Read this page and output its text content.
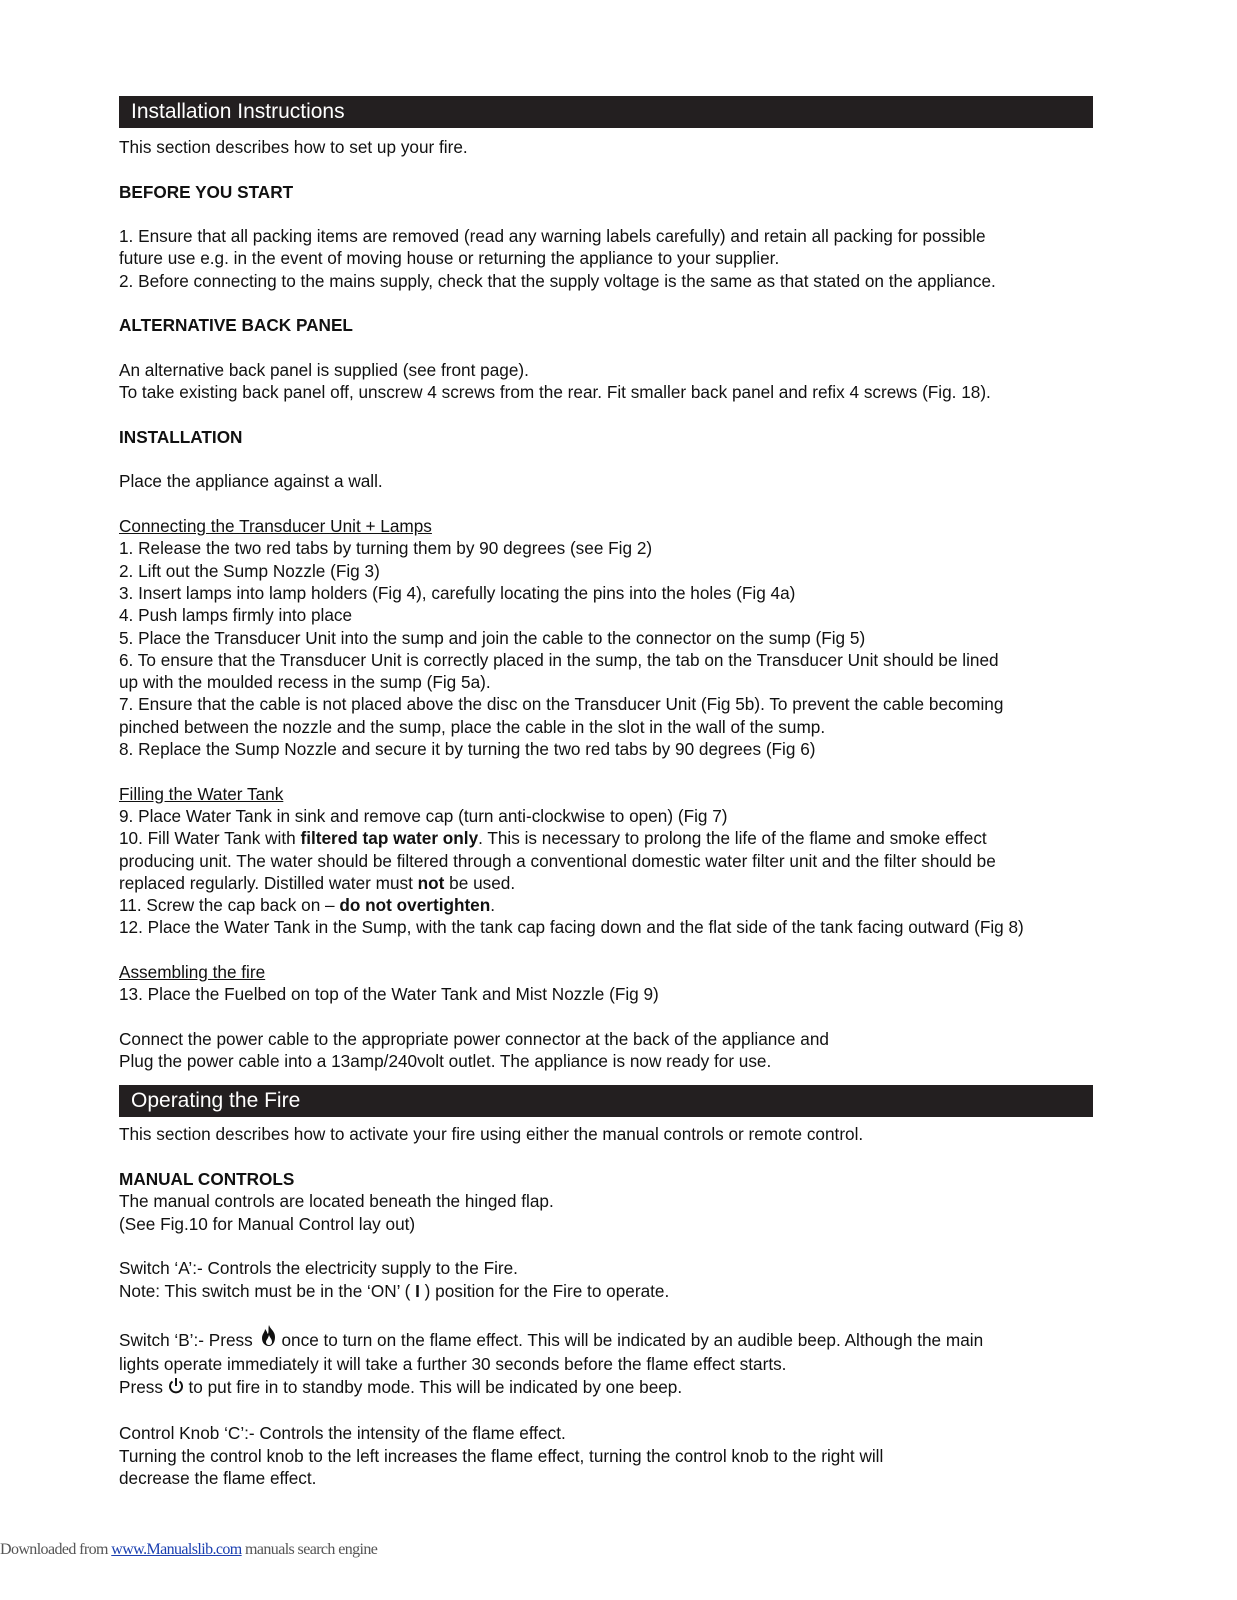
Installation Instructions

This section describes how to set up your fire.

BEFORE YOU START

1. Ensure that all packing items are removed (read any warning labels carefully) and retain all packing for possible

future use e.g. in the event of moving house or returning the appliance to your supplier.

2. Before connecting to the mains supply, check that the supply voltage is the same as that stated on the appliance.

ALTERNATIVE BACK PANEL

An alternative back panel is supplied (see front page).

To take existing back panel off, unscrew 4 screws from the rear. Fit smaller back panel and refix 4 screws (Fig. 18).

INSTALLATION

Place the appliance against a wall.

Connecting the Transducer Unit + Lamps

1. Release the two red tabs by turning them by 90 degrees (see Fig 2)

2. Lift out the Sump Nozzle (Fig 3)

3. Insert lamps into lamp holders (Fig 4), carefully locating the pins into the holes (Fig 4a)

4. Push lamps firmly into place

5. Place the Transducer Unit into the sump and join the cable to the connector on the sump (Fig 5)

6. To ensure that the Transducer Unit is correctly placed in the sump, the tab on the Transducer Unit should be lined

up with the moulded recess in the sump (Fig 5a).

7. Ensure that the cable is not placed above the disc on the Transducer Unit (Fig 5b). To prevent the cable becoming

pinched between the nozzle and the sump, place the cable in the slot in the wall of the sump.

8. Replace the Sump Nozzle and secure it by turning the two red tabs by 90 degrees (Fig 6)

Filling the Water Tank

9. Place Water Tank in sink and remove cap (turn anti-clockwise to open) (Fig 7)

10. Fill Water Tank with filtered tap water only. This is necessary to prolong the life of the flame and smoke effect

producing unit. The water should be filtered through a conventional domestic water filter unit and the filter should be

replaced regularly. Distilled water must not be used.

11. Screw the cap back on – do not overtighten.

12. Place the Water Tank in the Sump, with the tank cap facing down and the flat side of the tank facing outward (Fig 8)

Assembling the fire

13. Place the Fuelbed on top of the Water Tank and Mist Nozzle (Fig 9)

Connect the power cable to the appropriate power connector at the back of the appliance and

Plug the power cable into a 13amp/240volt outlet. The appliance is now ready for use.

Operating the Fire

This section describes how to activate your fire using either the manual controls or remote control.

MANUAL CONTROLS

The manual controls are located beneath the hinged flap.

(See Fig.10 for Manual Control lay out)

Switch ‘A’:- Controls the electricity supply to the Fire.

Note: This switch must be in the ‘ON’ ( I ) position for the Fire to operate.

Switch ‘B’:- Press once to turn on the flame effect. This will be indicated by an audible beep. Although the main

lights operate immediately it will take a further 30 seconds before the flame effect starts.

Press  to put fire in to standby mode. This will be indicated by one beep.

Control Knob ‘C’:- Controls the intensity of the flame effect.

Turning the control knob to the left increases the flame effect, turning the control knob to the right will

decrease the flame effect.

Downloaded from www.Manualslib.com manuals search engine
